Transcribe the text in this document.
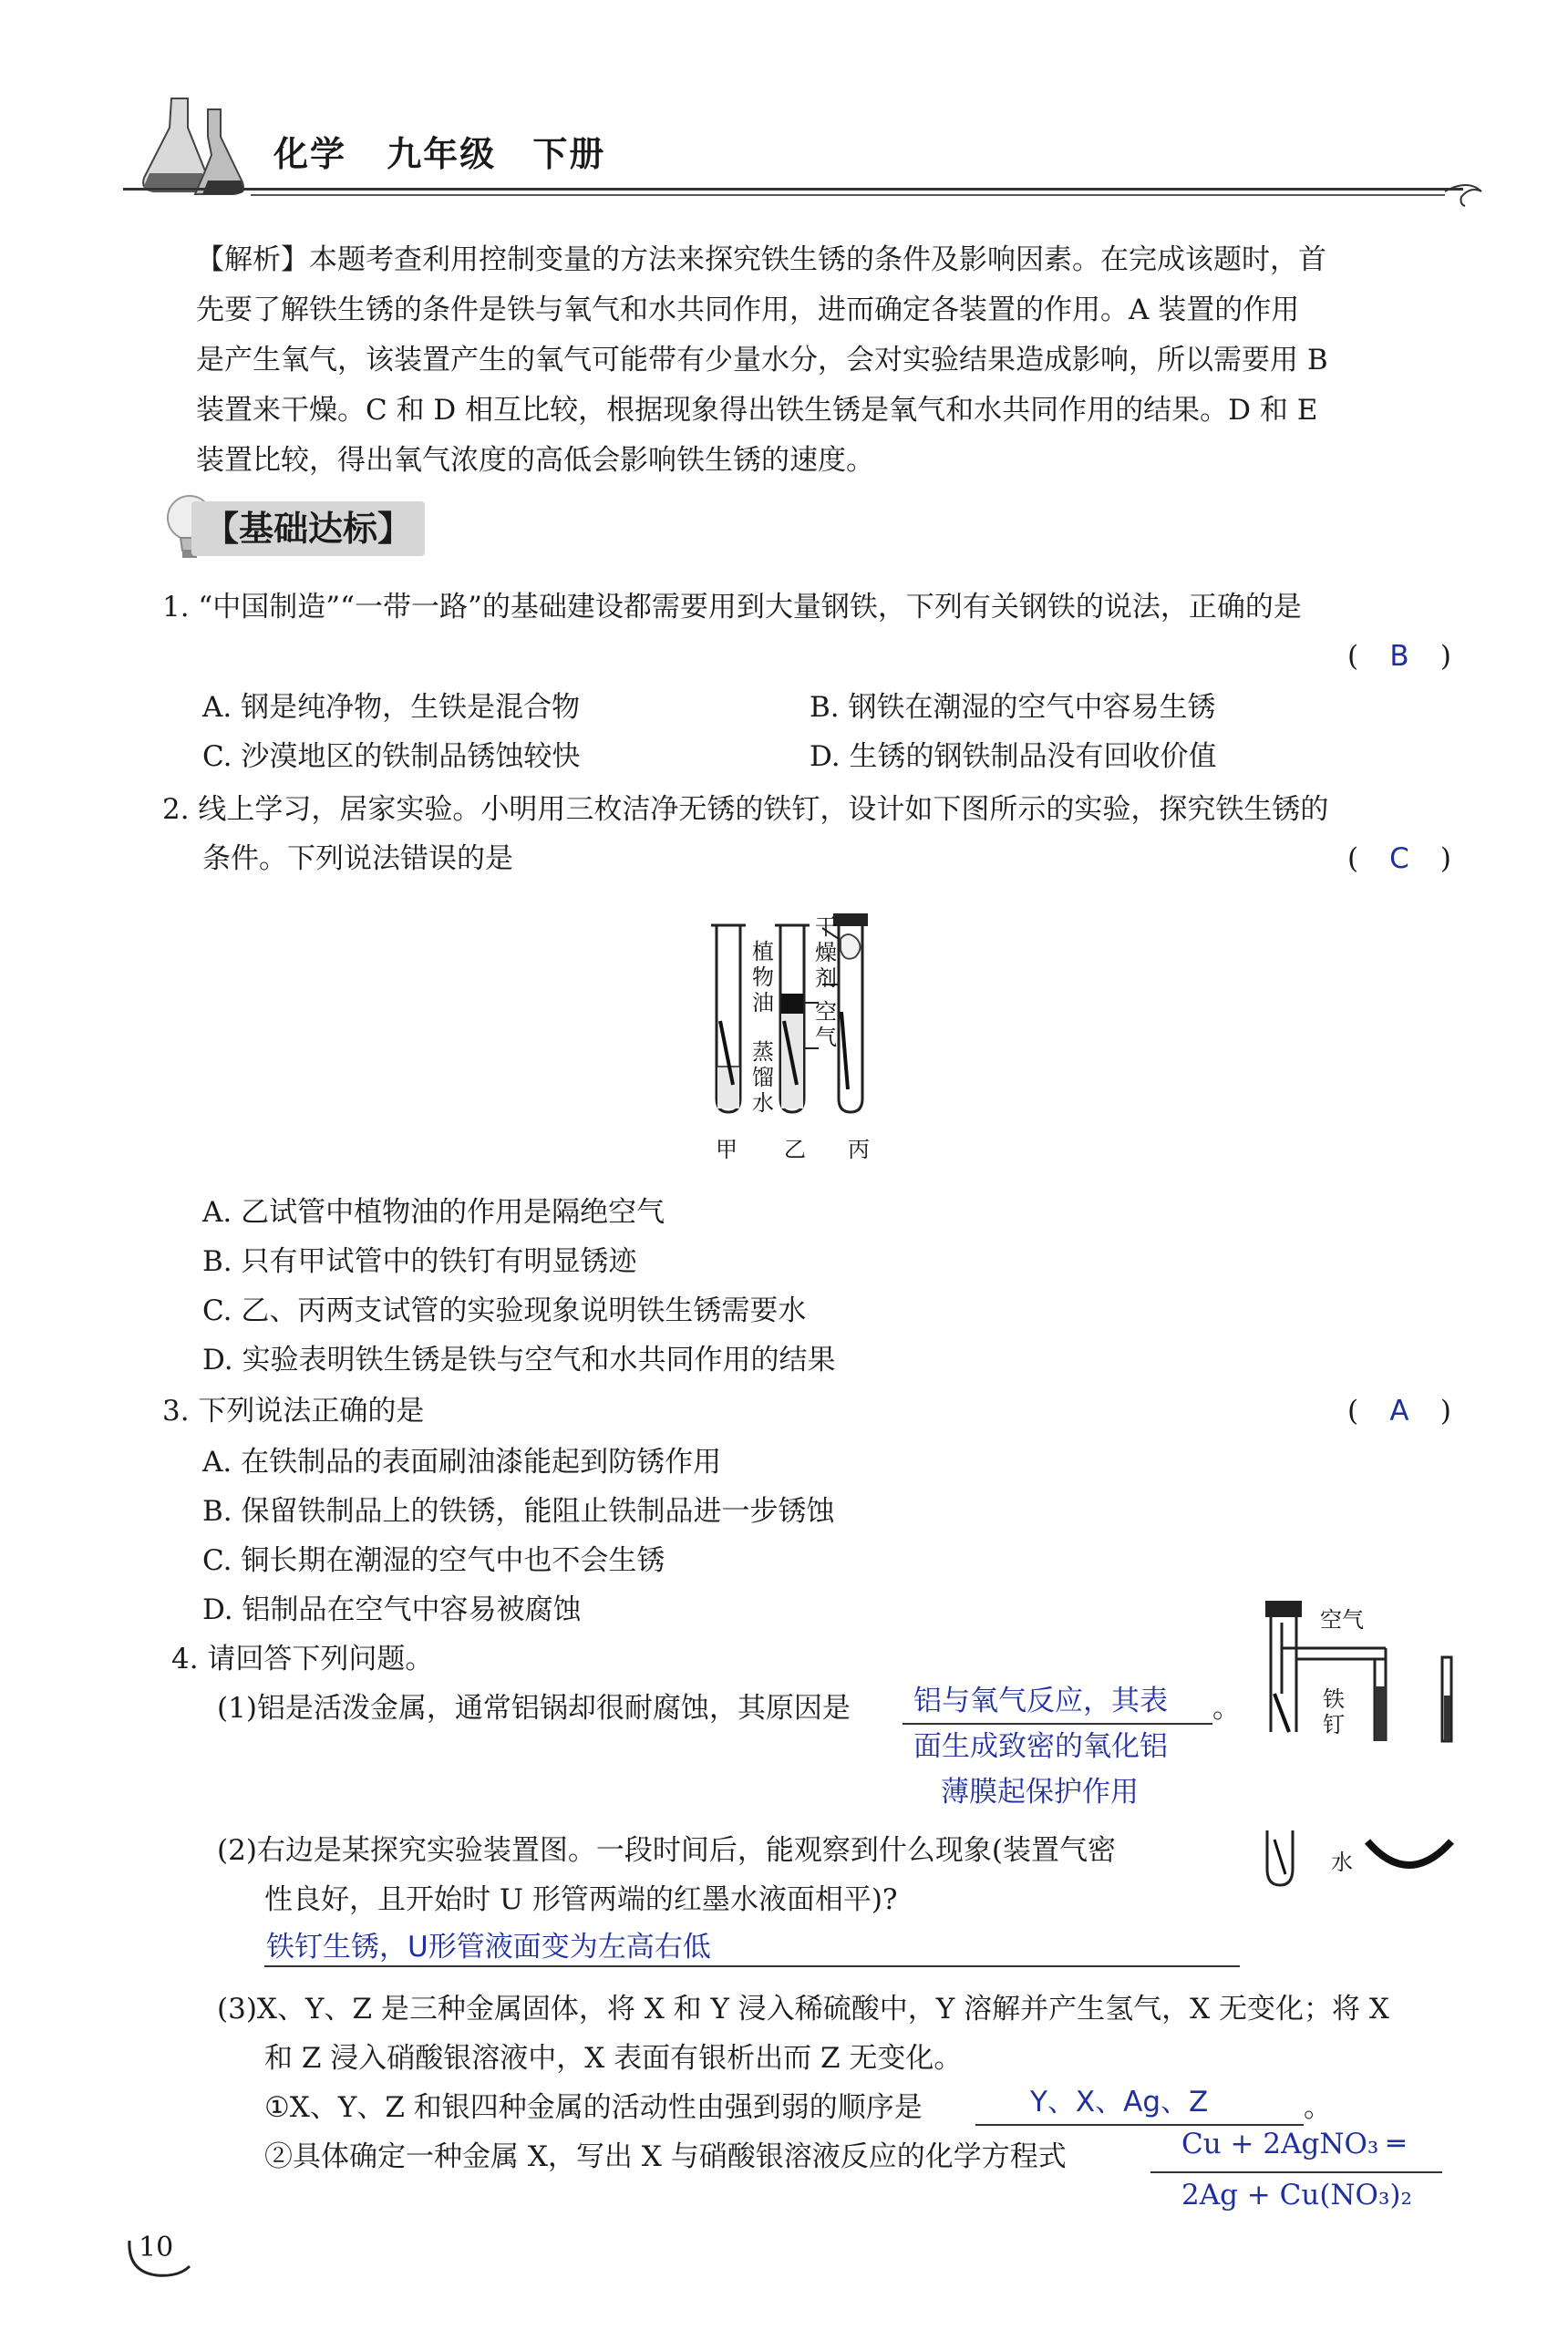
化学 九年级 下册
【解析】本题考查利用控制变量的方法来探究铁生锈的条件及影响因素。在完成该题时，首
先要了解铁生锈的条件是铁与氧气和水共同作用，进而确定各装置的作用。A 装置的作用
是产生氧气，该装置产生的氧气可能带有少量水分，会对实验结果造成影响，所以需要用 B
装置来干燥。C 和 D 相互比较，根据现象得出铁生锈是氧气和水共同作用的结果。D 和 E
装置比较，得出氧气浓度的高低会影响铁生锈的速度。
【基础达标】
1. “中国制造”“一带一路”的基础建设都需要用到大量钢铁，下列有关钢铁的说法，正确的是
( B )
A. 钢是纯净物，生铁是混合物	B. 钢铁在潮湿的空气中容易生锈
C. 沙漠地区的铁制品锈蚀较快	D. 生锈的钢铁制品没有回收价值
2. 线上学习，居家实验。小明用三枚洁净无锈的铁钉，设计如下图所示的实验，探究铁生锈的
条件。下列说法错误的是	( C )
植物油
蒸馏水
干燥剂
空气
甲 乙 丙
A. 乙试管中植物油的作用是隔绝空气
B. 只有甲试管中的铁钉有明显锈迹
C. 乙、丙两支试管的实验现象说明铁生锈需要水
D. 实验表明铁生锈是铁与空气和水共同作用的结果
3. 下列说法正确的是	( A )
A. 在铁制品的表面刷油漆能起到防锈作用
B. 保留铁制品上的铁锈，能阻止铁制品进一步锈蚀
C. 铜长期在潮湿的空气中也不会生锈
D. 铝制品在空气中容易被腐蚀
4. 请回答下列问题。
(1)铝是活泼金属，通常铝锅却很耐腐蚀，其原因是	。
铝与氧气反应，其表
面生成致密的氧化铝
薄膜起保护作用
空气
铁钉
水
(2)右边是某探究实验装置图。一段时间后，能观察到什么现象(装置气密
性良好，且开始时 U 形管两端的红墨水液面相平)?
铁钉生锈，U形管液面变为左高右低
(3)X、Y、Z 是三种金属固体，将 X 和 Y 浸入稀硫酸中，Y 溶解并产生氢气，X 无变化；将 X
和 Z 浸入硝酸银溶液中，X 表面有银析出而 Z 无变化。
①X、Y、Z 和银四种金属的活动性由强到弱的顺序是	Y、X、Ag、Z	。
②具体确定一种金属 X，写出 X 与硝酸银溶液反应的化学方程式	Cu + 2AgNO₃ ═
2Ag + Cu(NO₃)₂
10
